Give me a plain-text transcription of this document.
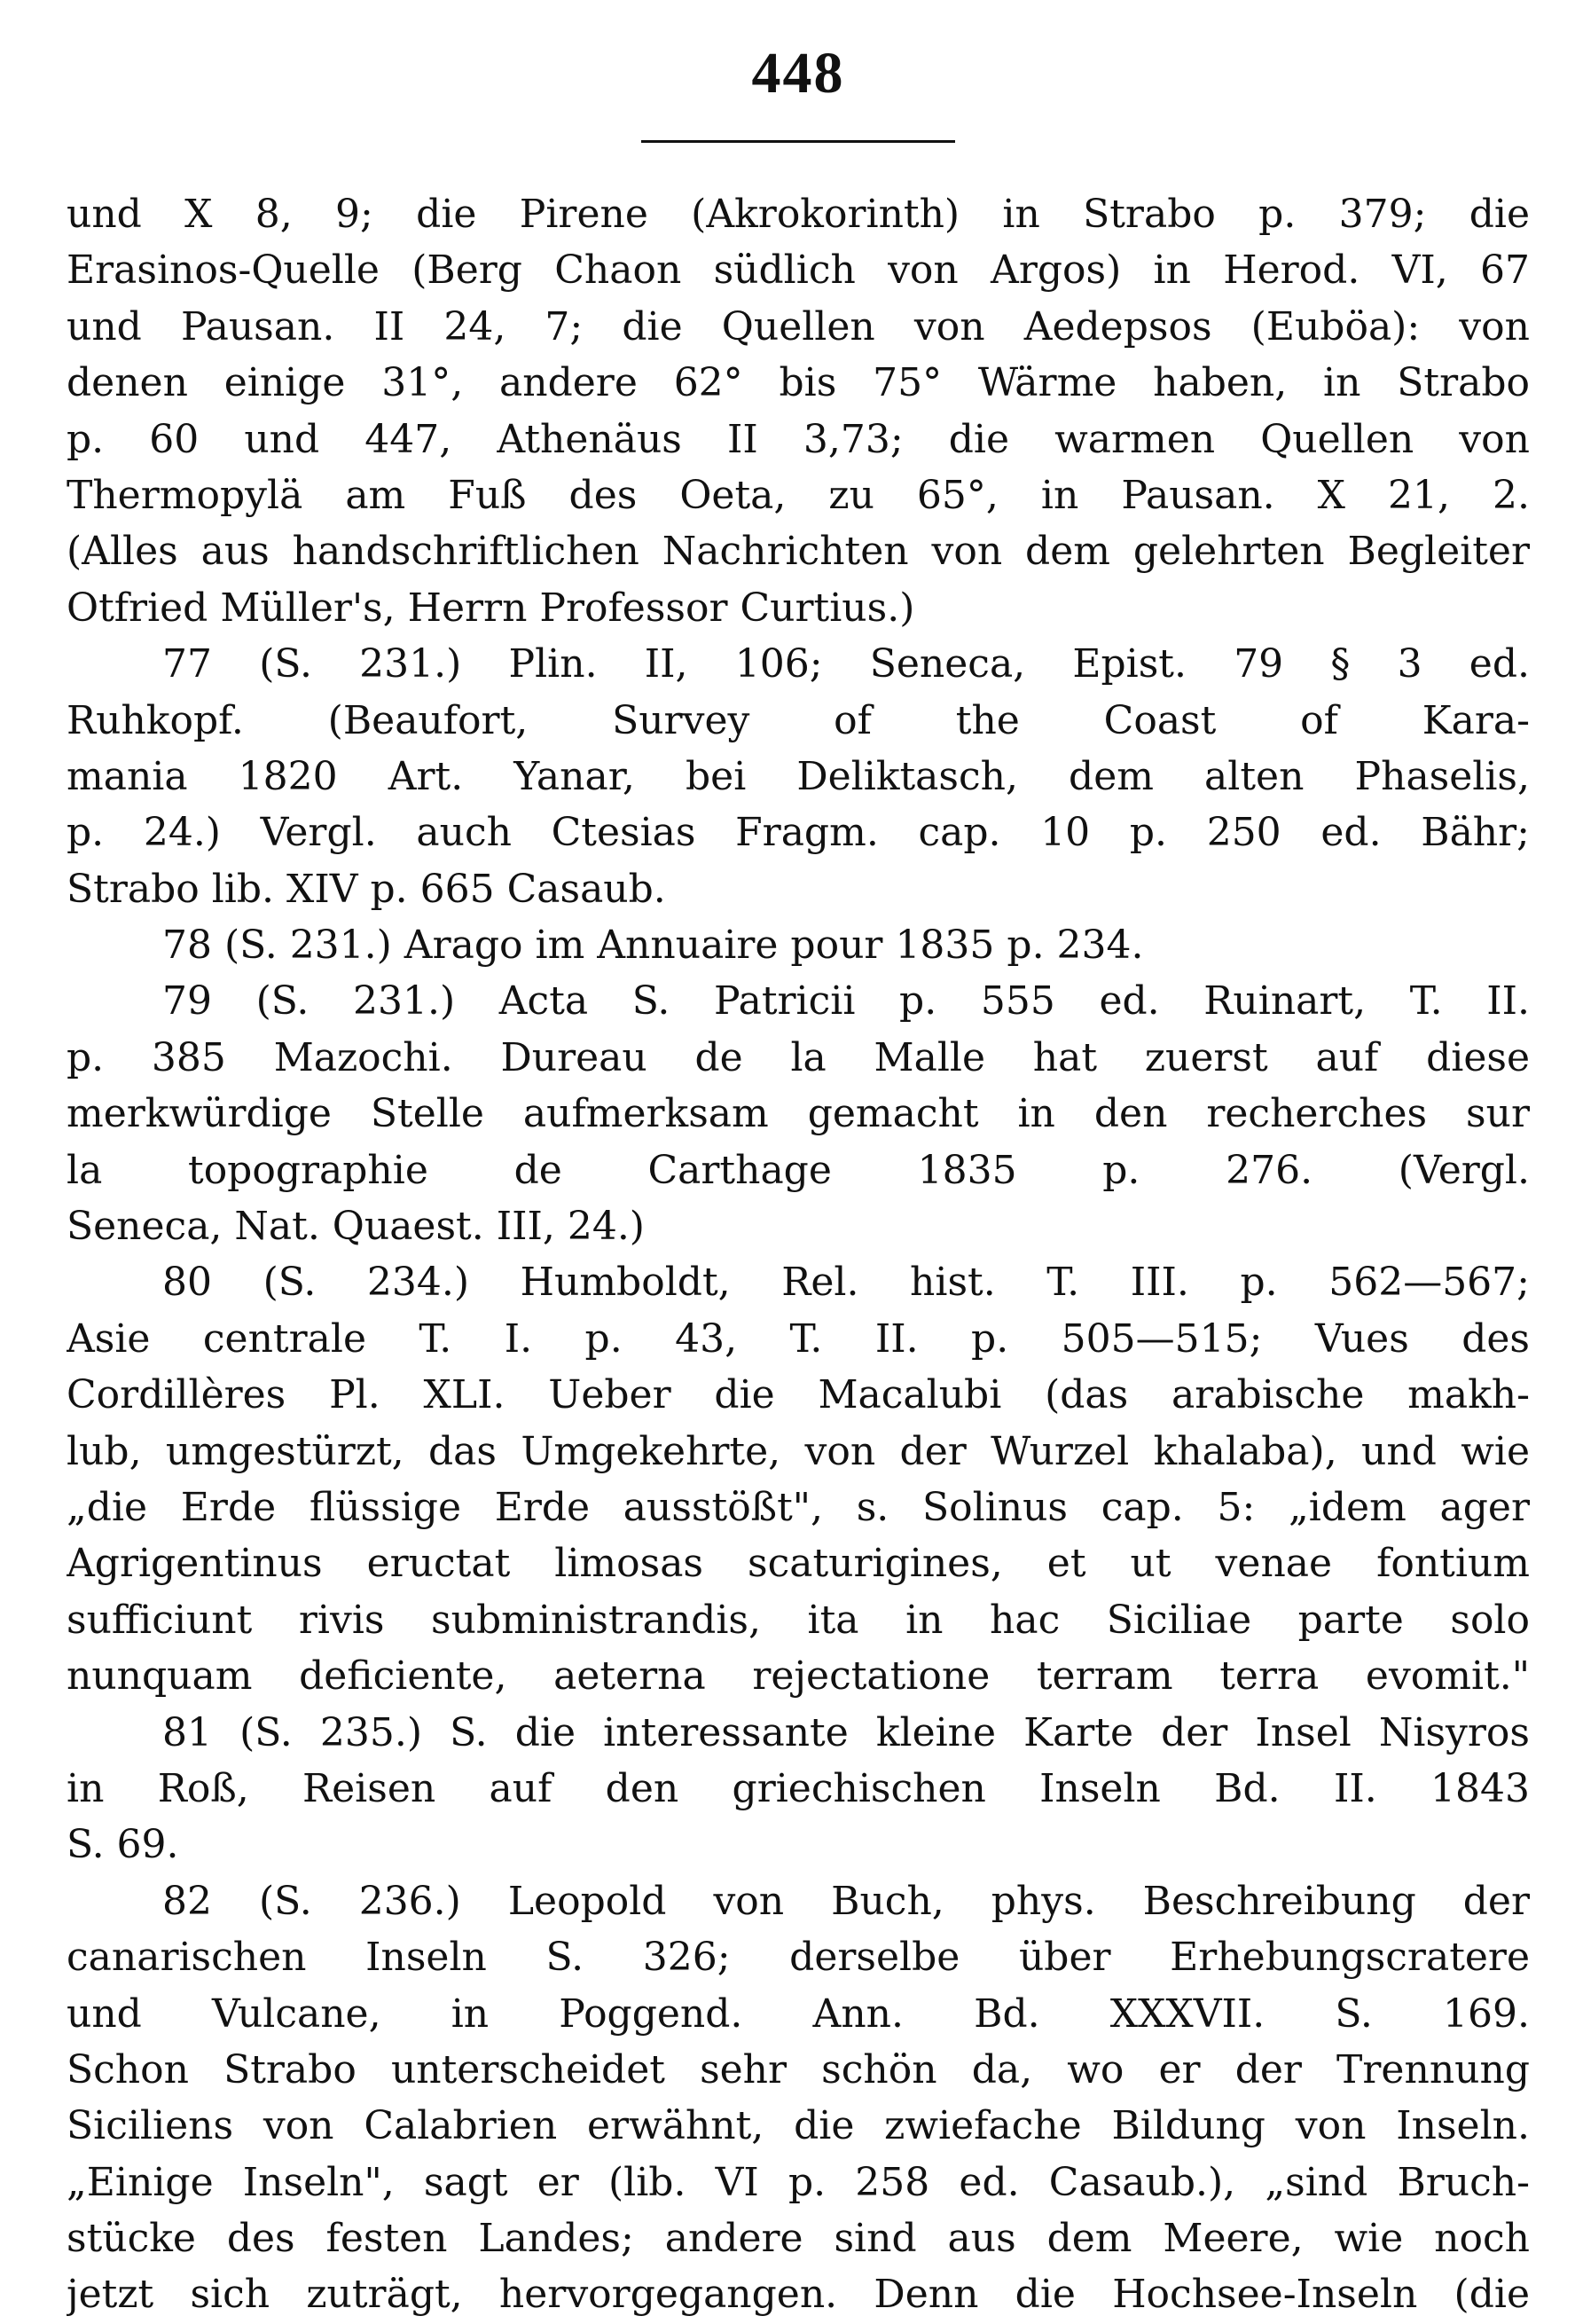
448
und X 8, 9; die Pirene (Akrokorinth) in Strabo p. 379; die
Erasinos-Quelle (Berg Chaon südlich von Argos) in Herod. VI, 67
und Pausan. II 24, 7; die Quellen von Aedepsos (Euböa): von
denen einige 31°, andere 62° bis 75° Wärme haben, in Strabo
p. 60 und 447, Athenäus II 3,73; die warmen Quellen von
Thermopylä am Fuß des Oeta, zu 65°, in Pausan. X 21, 2.
(Alles aus handschriftlichen Nachrichten von dem gelehrten Begleiter
Otfried Müller's, Herrn Professor Curtius.)
77 (S. 231.) Plin. II, 106; Seneca, Epist. 79 § 3 ed.
Ruhkopf. (Beaufort, Survey of the Coast of Kara-
mania 1820 Art. Yanar, bei Deliktasch, dem alten Phaselis,
p. 24.) Vergl. auch Ctesias Fragm. cap. 10 p. 250 ed. Bähr;
Strabo lib. XIV p. 665 Casaub.
78 (S. 231.) Arago im Annuaire pour 1835 p. 234.
79 (S. 231.) Acta S. Patricii p. 555 ed. Ruinart, T. II.
p. 385 Mazochi. Dureau de la Malle hat zuerst auf diese
merkwürdige Stelle aufmerksam gemacht in den recherches sur
la topographie de Carthage 1835 p. 276. (Vergl.
Seneca, Nat. Quaest. III, 24.)
80 (S. 234.) Humboldt, Rel. hist. T. III. p. 562—567;
Asie centrale T. I. p. 43, T. II. p. 505—515; Vues des
Cordillères Pl. XLI. Ueber die Macalubi (das arabische makh-
lub, umgestürzt, das Umgekehrte, von der Wurzel khalaba), und wie
„die Erde flüssige Erde ausstößt", s. Solinus cap. 5: „idem ager
Agrigentinus eructat limosas scaturigines, et ut venae fontium
sufficiunt rivis subministrandis, ita in hac Siciliae parte solo
nunquam deficiente, aeterna rejectatione terram terra evomit."
81 (S. 235.) S. die interessante kleine Karte der Insel Nisyros
in Roß, Reisen auf den griechischen Inseln Bd. II. 1843
S. 69.
82 (S. 236.) Leopold von Buch, phys. Beschreibung der
canarischen Inseln S. 326; derselbe über Erhebungscratere
und Vulcane, in Poggend. Ann. Bd. XXXVII. S. 169.
Schon Strabo unterscheidet sehr schön da, wo er der Trennung
Siciliens von Calabrien erwähnt, die zwiefache Bildung von Inseln.
„Einige Inseln", sagt er (lib. VI p. 258 ed. Casaub.), „sind Bruch-
stücke des festen Landes; andere sind aus dem Meere, wie noch
jetzt sich zuträgt, hervorgegangen. Denn die Hochsee-Inseln (die
